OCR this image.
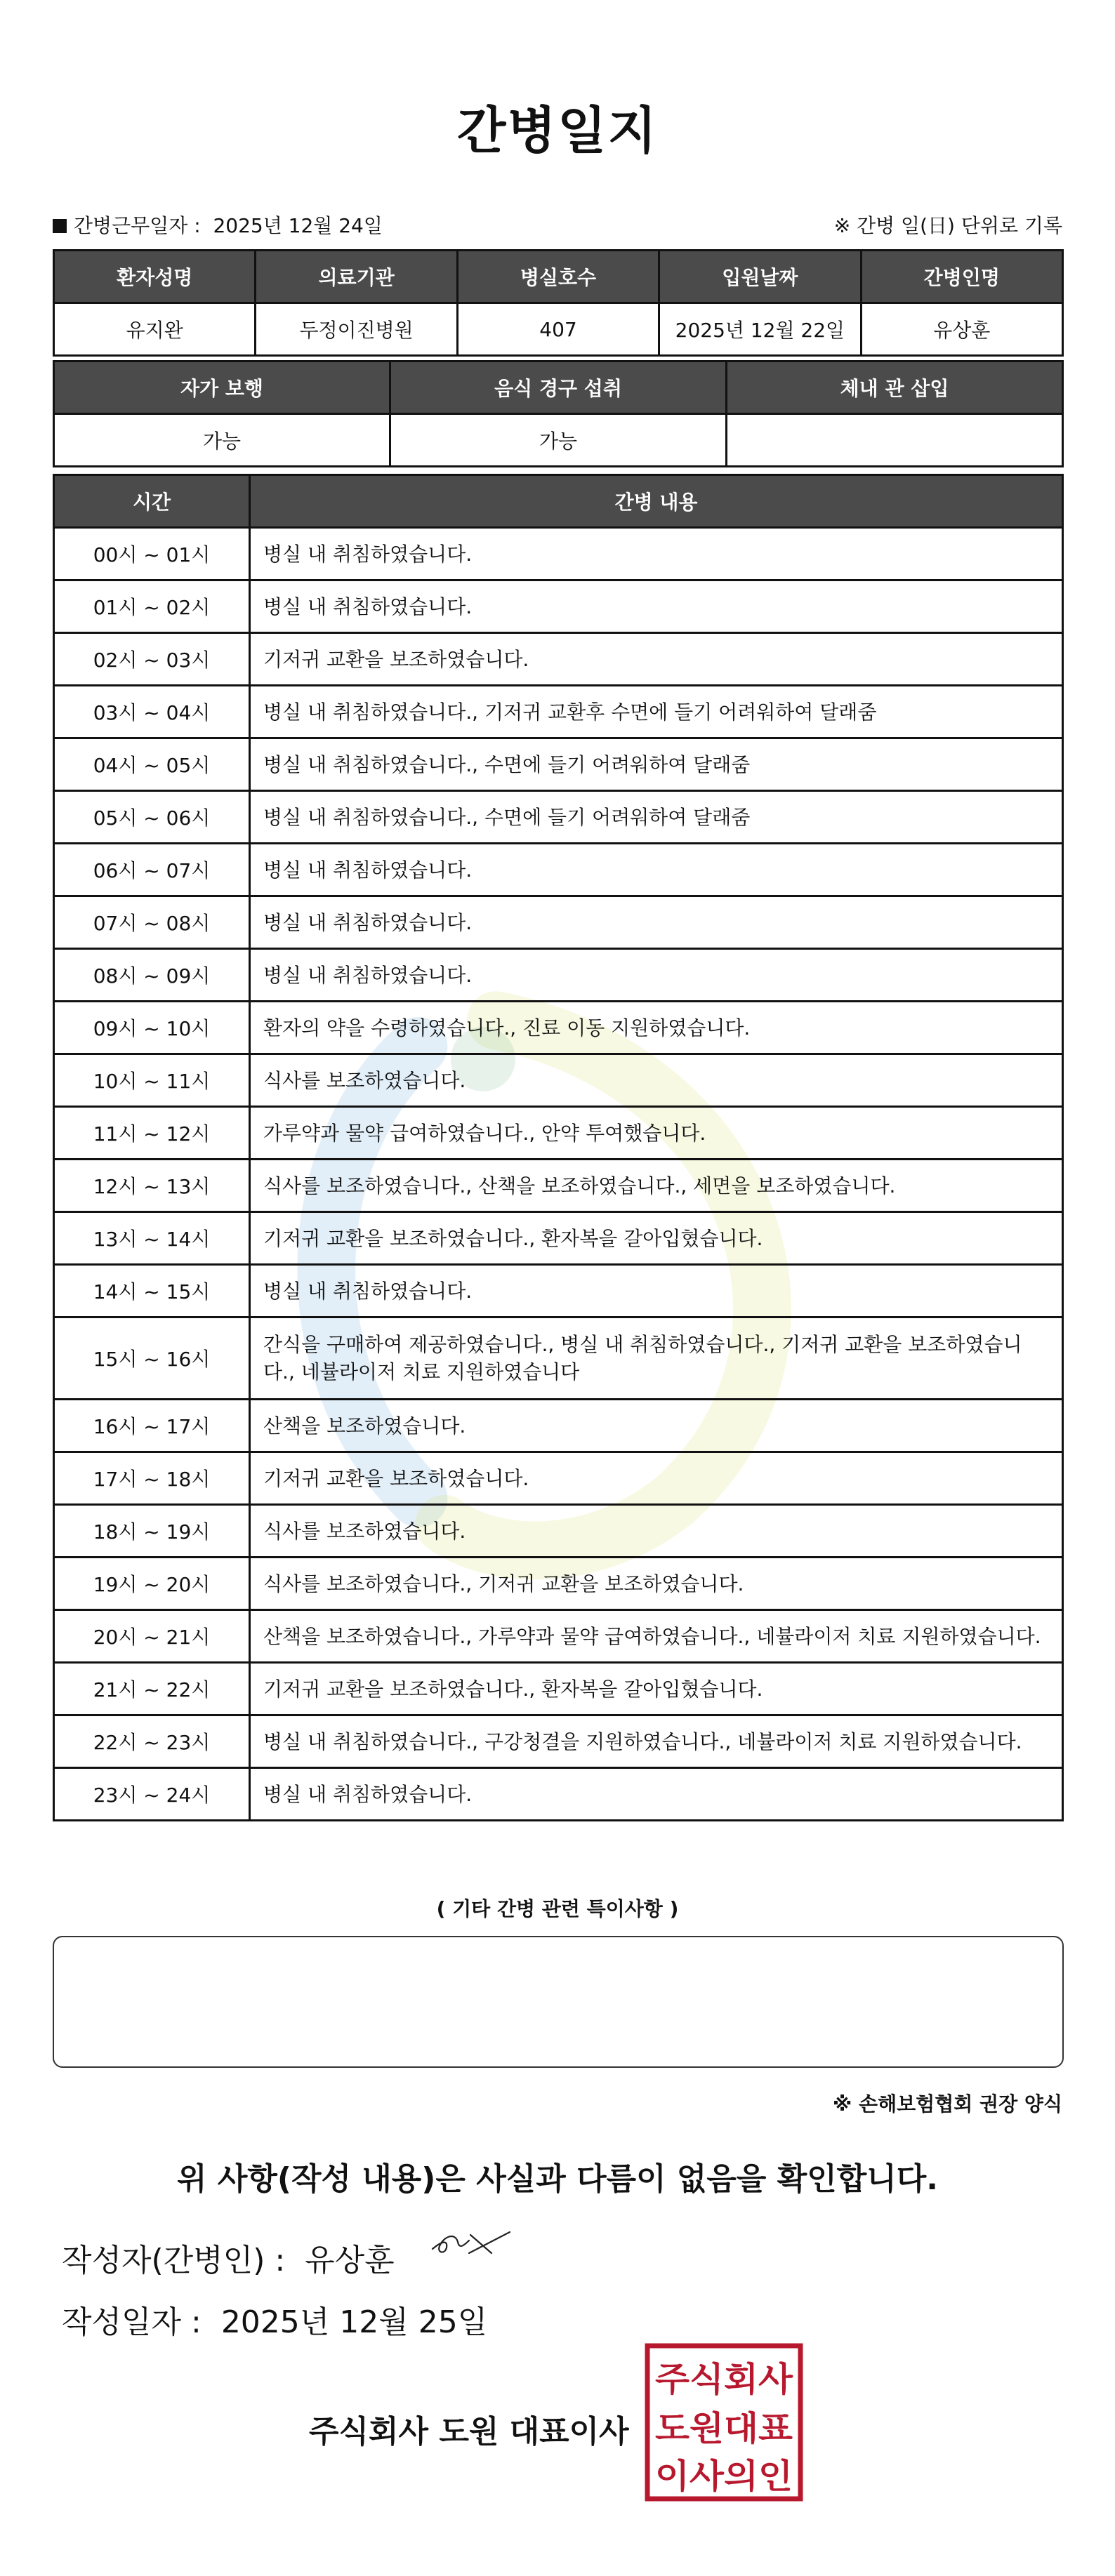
간병일지
간병근무일자 : 2025년 12월 24일	※ 간병 일(日) 단위로 기록
환자성명	의료기관	병실호수	입원날짜	간병인명
유지완	두정이진병원	407	2025년 12월 22일	유상훈
자가 보행	음식 경구 섭취	체내 관 삽입
가능	가능	
시간	간병 내용
00시 ~ 01시	병실 내 취침하였습니다.
01시 ~ 02시	병실 내 취침하였습니다.
02시 ~ 03시	기저귀 교환을 보조하였습니다.
03시 ~ 04시	병실 내 취침하였습니다., 기저귀 교환후 수면에 들기 어려워하여 달래줌
04시 ~ 05시	병실 내 취침하였습니다., 수면에 들기 어려워하여 달래줌
05시 ~ 06시	병실 내 취침하였습니다., 수면에 들기 어려워하여 달래줌
06시 ~ 07시	병실 내 취침하였습니다.
07시 ~ 08시	병실 내 취침하였습니다.
08시 ~ 09시	병실 내 취침하였습니다.
09시 ~ 10시	환자의 약을 수령하였습니다., 진료 이동 지원하였습니다.
10시 ~ 11시	식사를 보조하였습니다.
11시 ~ 12시	가루약과 물약 급여하였습니다., 안약 투여했습니다.
12시 ~ 13시	식사를 보조하였습니다., 산책을 보조하였습니다., 세면을 보조하였습니다.
13시 ~ 14시	기저귀 교환을 보조하였습니다., 환자복을 갈아입혔습니다.
14시 ~ 15시	병실 내 취침하였습니다.
15시 ~ 16시	간식을 구매하여 제공하였습니다., 병실 내 취침하였습니다., 기저귀 교환을 보조하였습니다., 네뷸라이저 치료 지원하였습니다
16시 ~ 17시	산책을 보조하였습니다.
17시 ~ 18시	기저귀 교환을 보조하였습니다.
18시 ~ 19시	식사를 보조하였습니다.
19시 ~ 20시	식사를 보조하였습니다., 기저귀 교환을 보조하였습니다.
20시 ~ 21시	산책을 보조하였습니다., 가루약과 물약 급여하였습니다., 네뷸라이저 치료 지원하였습니다.
21시 ~ 22시	기저귀 교환을 보조하였습니다., 환자복을 갈아입혔습니다.
22시 ~ 23시	병실 내 취침하였습니다., 구강청결을 지원하였습니다., 네뷸라이저 치료 지원하였습니다.
23시 ~ 24시	병실 내 취침하였습니다.
( 기타 간병 관련 특이사항 )
※ 손해보험협회 권장 양식
위 사항(작성 내용)은 사실과 다름이 없음을 확인합니다.
작성자(간병인) : 유상훈
작성일자 : 2025년 12월 25일
주식회사 도원 대표이사
주식회사
도원대표
이사의인
